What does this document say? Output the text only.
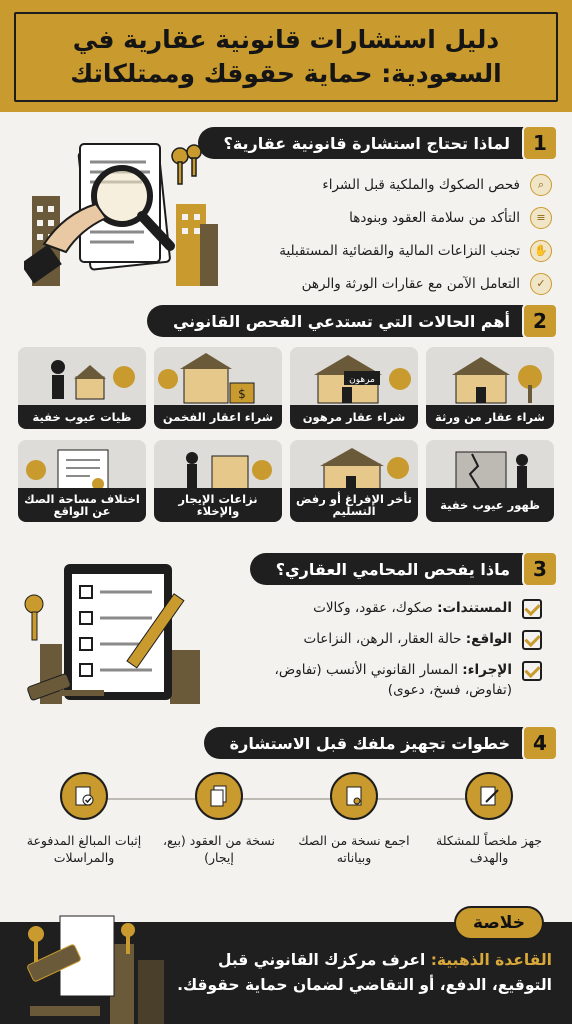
دليل استشارات قانونية عقارية في
السعودية: حماية حقوقك وممتلكاتك
1
لماذا تحتاج استشارة قانونية عقارية؟
⌕
فحص الصكوك والملكية قبل الشراء
≡
التأكد من سلامة العقود وبنودها
✋
تجنب النزاعات المالية والقضائية المستقبلية
✓
التعامل الآمن مع عقارات الورثة والرهن
2
أهم الحالات التي تستدعي الفحص القانوني
شراء عقار من ورثة
مرهون
شراء عقار مرهون
$
شراء اعقار الفخمن
ظيات عيوب خفية
ظهور عيوب خفية
تأخر الإفراغ أو رفض التسليم
نزاعات الإيجار والإخلاء
اختلاف مساحة الصك عن الواقع
3
ماذا يفحص المحامي العقاري؟
المستندات: صكوك، عقود، وكالات
الواقع: حالة العقار، الرهن، النزاعات
الإجراء: المسار القانوني الأنسب (تفاوض، (تفاوض، فسخ، دعوى)
4
خطوات تجهيز ملفك قبل الاستشارة
جهز ملخصاً للمشكلة والهدف
اجمع نسخة من الصك وبياناته
نسخة من العقود (بيع، إيجار)
إثبات المبالغ المدفوعة والمراسلات
خلاصة
القاعدة الذهبية: اعرف مركزك القانوني قبل التوقيع، الدفع، أو التقاضي لضمان حماية حقوقك.
